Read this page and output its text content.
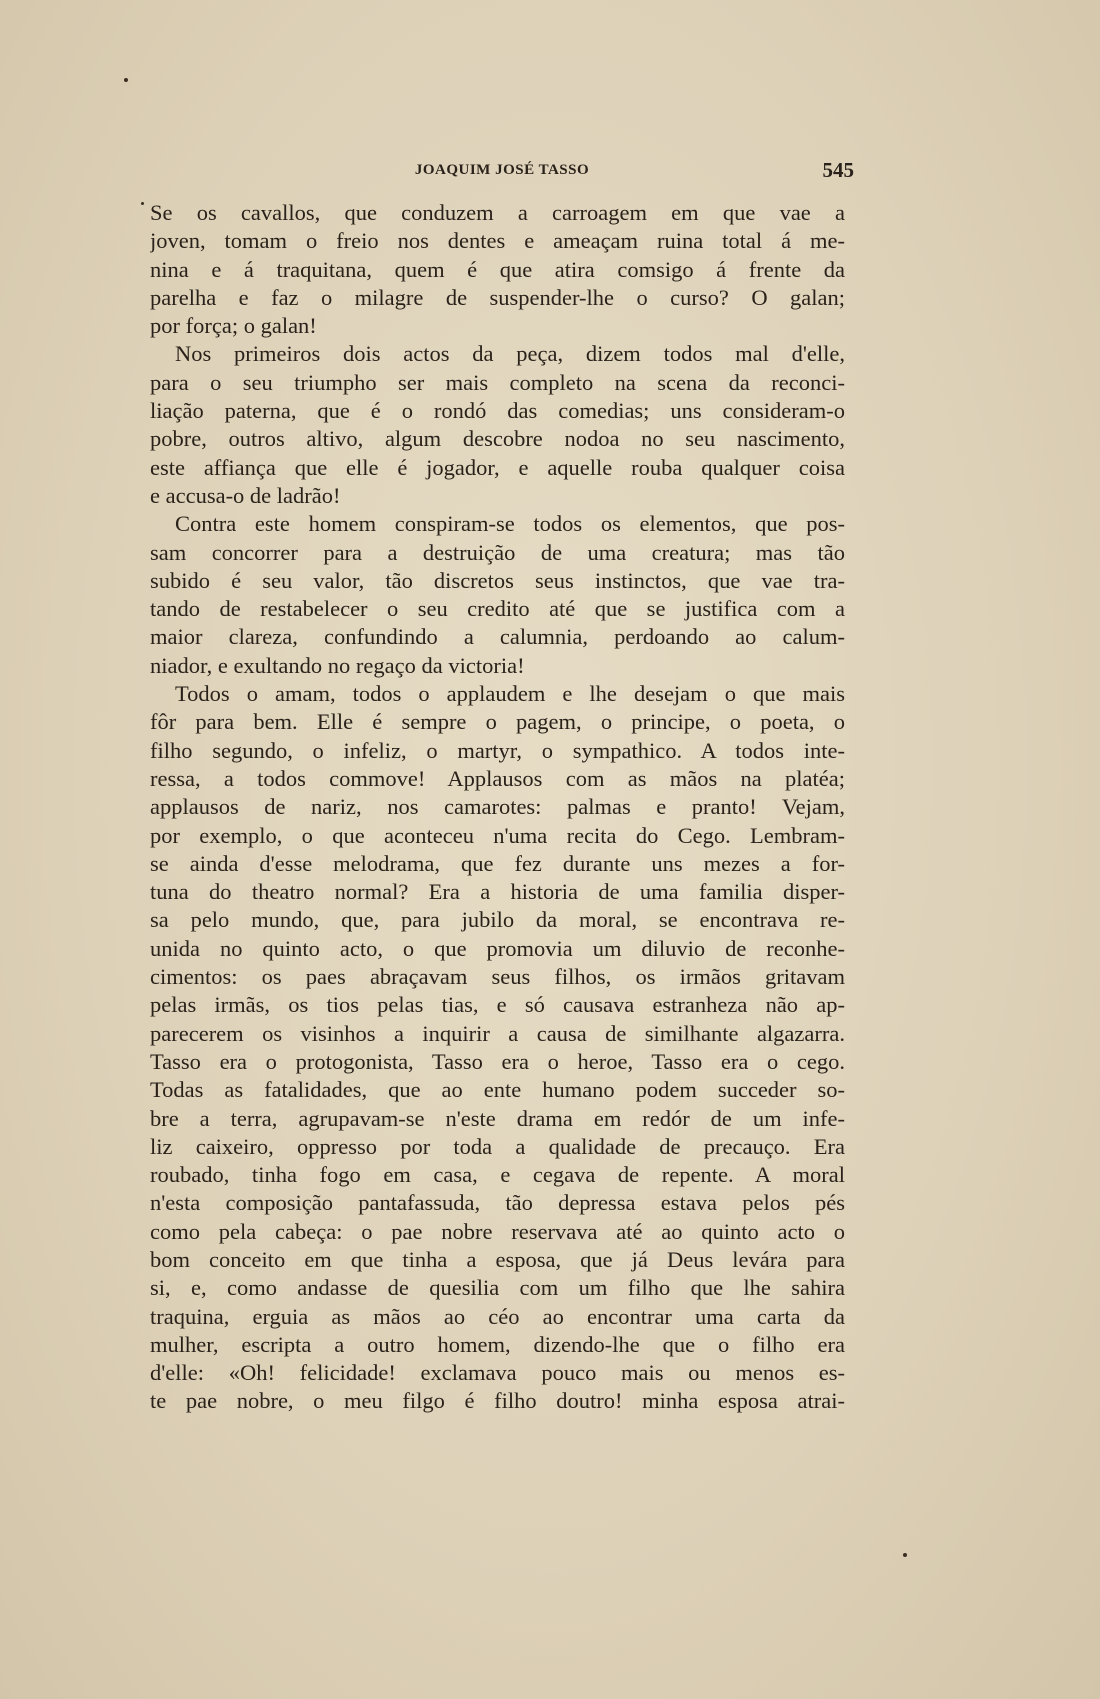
JOAQUIM JOSÉ TASSO	545

Se os cavallos, que conduzem a carroagem em que vae a
joven, tomam o freio nos dentes e ameaçam ruina total á me-
nina e á traquitana, quem é que atira comsigo á frente da
parelha e faz o milagre de suspender-lhe o curso? O galan;
por força; o galan!

Nos primeiros dois actos da peça, dizem todos mal d'elle,
para o seu triumpho ser mais completo na scena da reconci-
liação paterna, que é o rondó das comedias; uns consideram-o
pobre, outros altivo, algum descobre nodoa no seu nascimento,
este affiança que elle é jogador, e aquelle rouba qualquer coisa
e accusa-o de ladrão!

Contra este homem conspiram-se todos os elementos, que pos-
sam concorrer para a destruição de uma creatura; mas tão
subido é seu valor, tão discretos seus instinctos, que vae tra-
tando de restabelecer o seu credito até que se justifica com a
maior clareza, confundindo a calumnia, perdoando ao calum-
niador, e exultando no regaço da victoria!

Todos o amam, todos o applaudem e lhe desejam o que mais
fôr para bem. Elle é sempre o pagem, o principe, o poeta, o
filho segundo, o infeliz, o martyr, o sympathico. A todos inte-
ressa, a todos commove! Applausos com as mãos na platéa;
applausos de nariz, nos camarotes: palmas e pranto! Vejam,
por exemplo, o que aconteceu n'uma recita do Cego. Lembram-
se ainda d'esse melodrama, que fez durante uns mezes a for-
tuna do theatro normal? Era a historia de uma familia disper-
sa pelo mundo, que, para jubilo da moral, se encontrava re-
unida no quinto acto, o que promovia um diluvio de reconhe-
cimentos: os paes abraçavam seus filhos, os irmãos gritavam
pelas irmãs, os tios pelas tias, e só causava estranheza não ap-
parecerem os visinhos a inquirir a causa de similhante algazarra.
Tasso era o protogonista, Tasso era o heroe, Tasso era o cego.
Todas as fatalidades, que ao ente humano podem succeder so-
bre a terra, agrupavam-se n'este drama em redór de um infe-
liz caixeiro, oppresso por toda a qualidade de precauço. Era
roubado, tinha fogo em casa, e cegava de repente. A moral
n'esta composição pantafassuda, tão depressa estava pelos pés
como pela cabeça: o pae nobre reservava até ao quinto acto o
bom conceito em que tinha a esposa, que já Deus levára para
si, e, como andasse de quesilia com um filho que lhe sahira
traquina, erguia as mãos ao céo ao encontrar uma carta da
mulher, escripta a outro homem, dizendo-lhe que o filho era
d'elle: «Oh! felicidade! exclamava pouco mais ou menos es-
te pae nobre, o meu filgo é filho doutro! minha esposa atrai-
